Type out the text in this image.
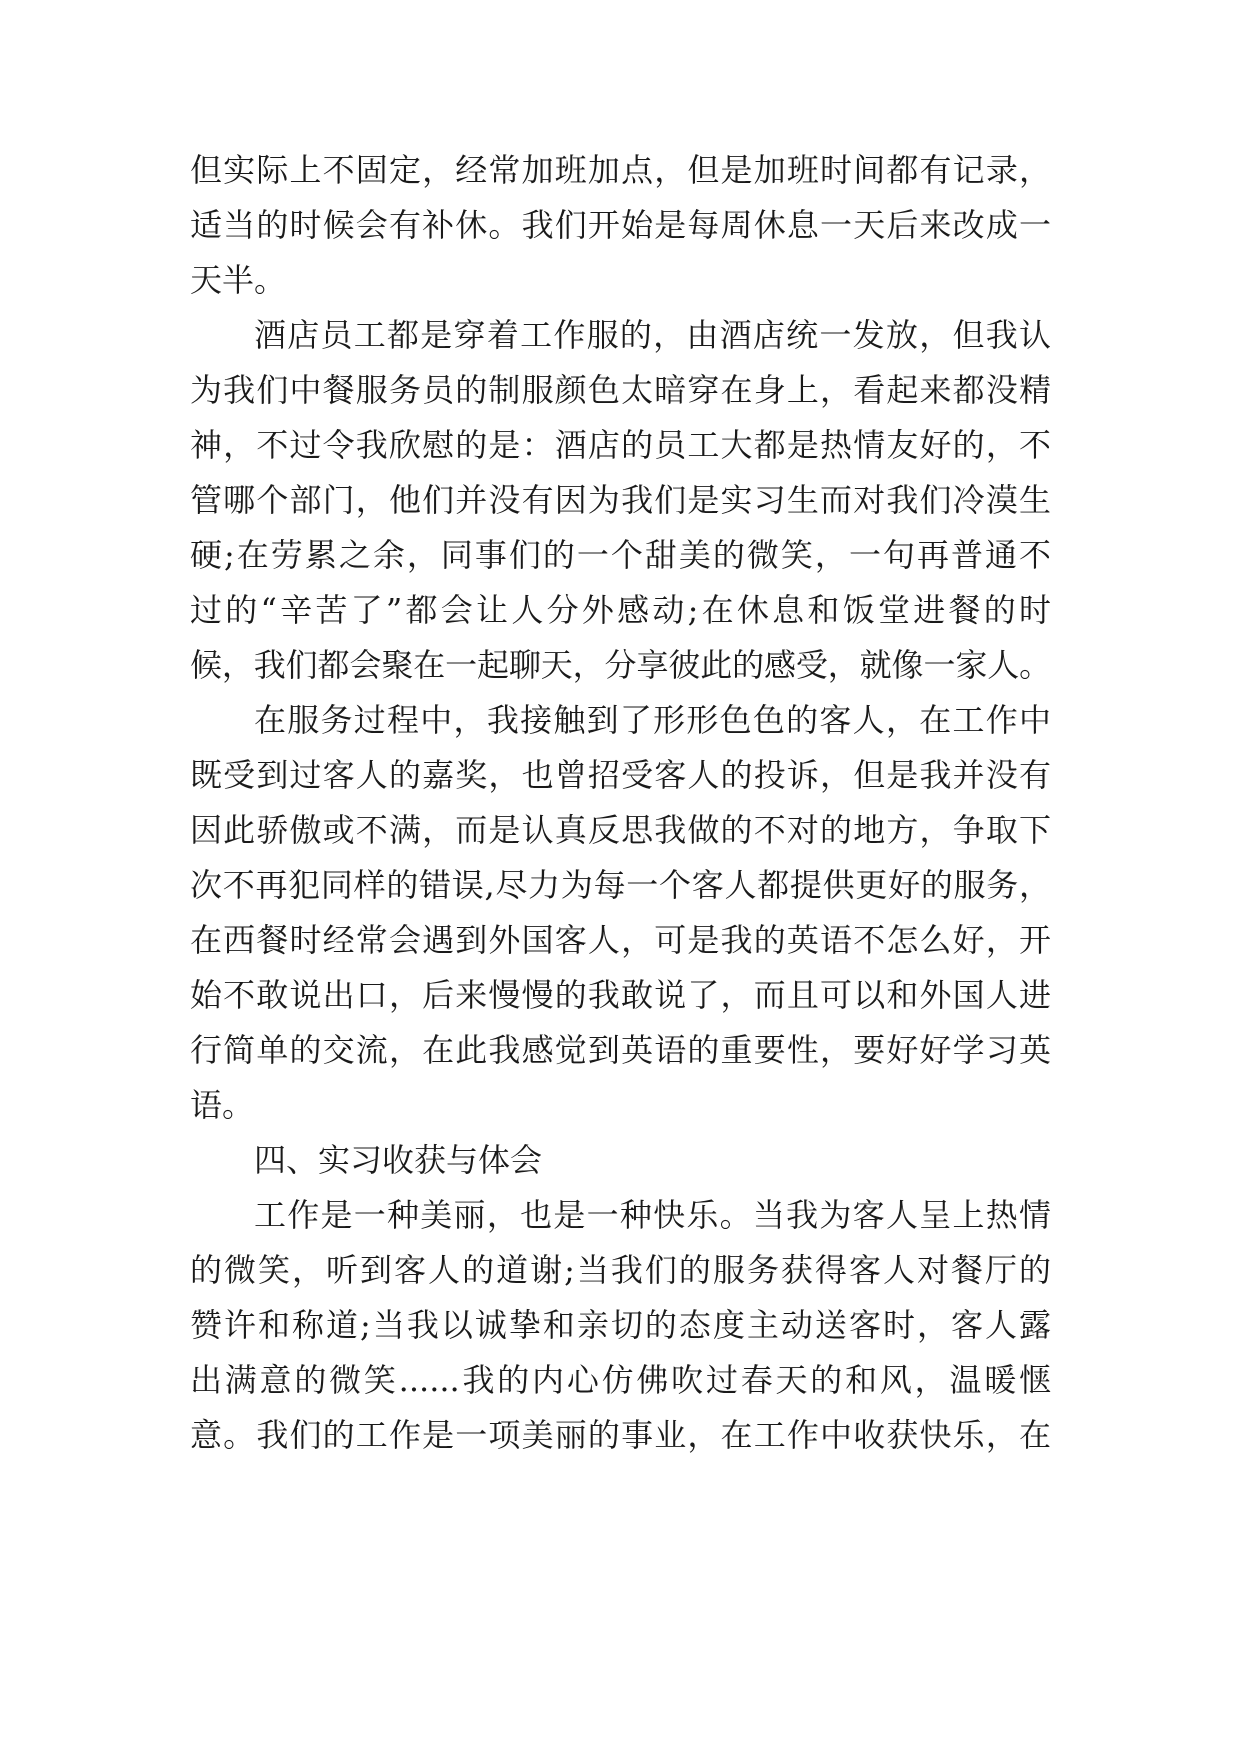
但实际上不固定，经常加班加点，但是加班时间都有记录，
适当的时候会有补休。我们开始是每周休息一天后来改成一
天半。
酒店员工都是穿着工作服的，由酒店统一发放，但我认
为我们中餐服务员的制服颜色太暗穿在身上，看起来都没精
神，不过令我欣慰的是：酒店的员工大都是热情友好的，不
管哪个部门，他们并没有因为我们是实习生而对我们冷漠生
硬;在劳累之余，同事们的一个甜美的微笑，一句再普通不
过的“辛苦了”都会让人分外感动;在休息和饭堂进餐的时
候，我们都会聚在一起聊天，分享彼此的感受，就像一家人。
在服务过程中，我接触到了形形色色的客人，在工作中
既受到过客人的嘉奖，也曾招受客人的投诉，但是我并没有
因此骄傲或不满，而是认真反思我做的不对的地方，争取下
次不再犯同样的错误,尽力为每一个客人都提供更好的服务，
在西餐时经常会遇到外国客人，可是我的英语不怎么好，开
始不敢说出口，后来慢慢的我敢说了，而且可以和外国人进
行简单的交流，在此我感觉到英语的重要性，要好好学习英
语。
四、实习收获与体会
工作是一种美丽，也是一种快乐。当我为客人呈上热情
的微笑，听到客人的道谢;当我们的服务获得客人对餐厅的
赞许和称道;当我以诚挚和亲切的态度主动送客时，客人露
出满意的微笑......我的内心仿佛吹过春天的和风，温暖惬
意。我们的工作是一项美丽的事业，在工作中收获快乐，在
